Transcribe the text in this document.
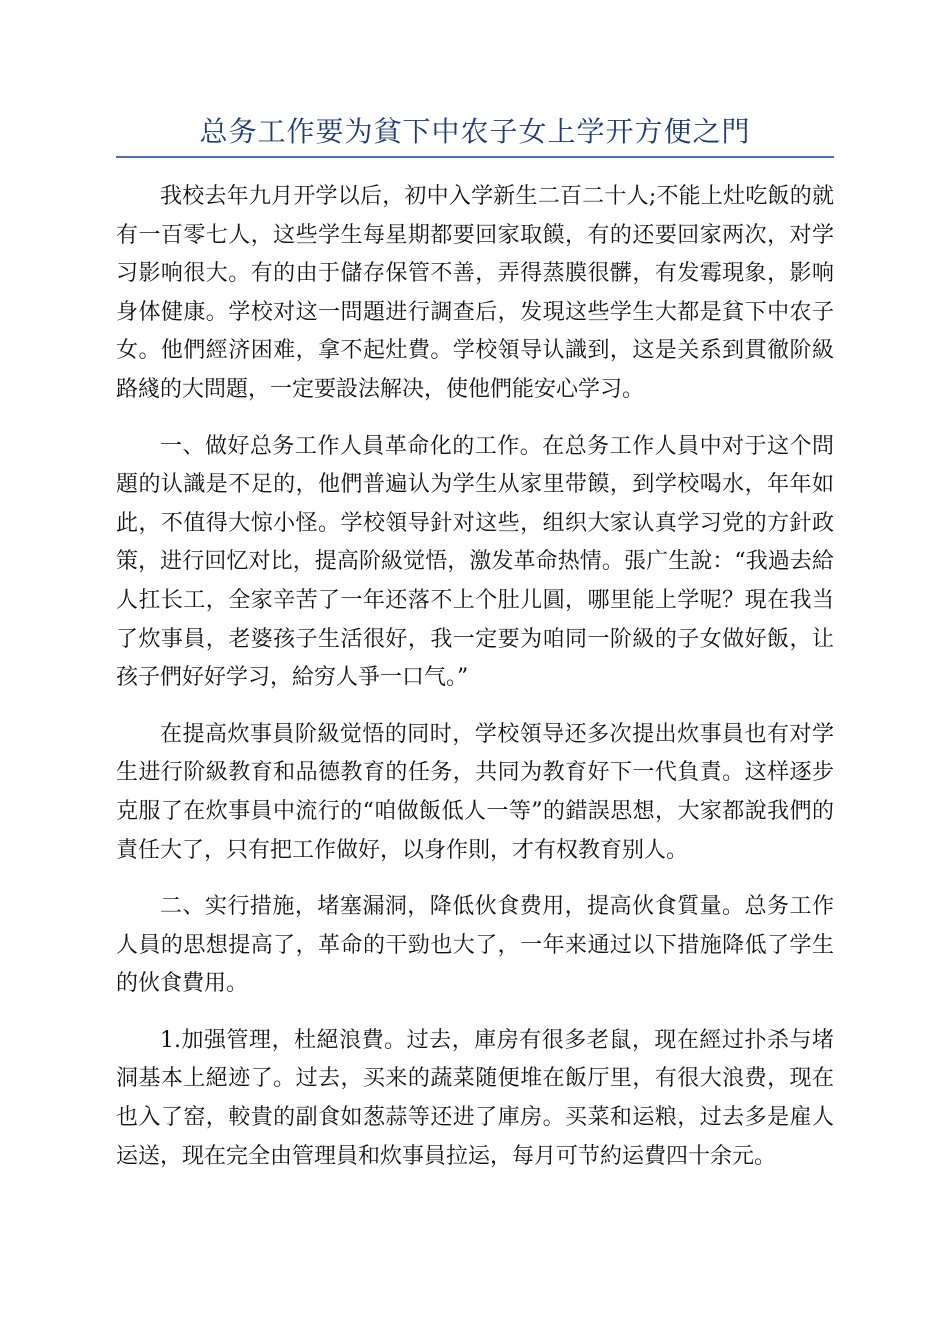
总务工作要为貧下中农子女上学开方便之門

我校去年九月开学以后，初中入学新生二百二十人;不能上灶吃飯的就有一百零七人，这些学生每星期都要回家取饃，有的还要回家两次，对学习影响很大。有的由于儲存保管不善，弄得蒸膜很髒，有发霉現象，影响身体健康。学校对这一問題进行調查后，发現这些学生大都是貧下中农子女。他們經济困难，拿不起灶費。学校領导认識到，这是关系到貫徹阶級路綫的大問題，一定要設法解决，使他們能安心学习。

一、做好总务工作人員革命化的工作。在总务工作人員中对于这个問題的认識是不足的，他們普遍认为学生从家里带饃，到学校喝水，年年如此，不值得大惊小怪。学校領导針对这些，组织大家认真学习党的方針政策，进行回忆对比，提高阶級觉悟，激发革命热情。張广生說：“我過去給人扛长工，全家辛苦了一年还落不上个肚儿圓，哪里能上学呢？現在我当了炊事員，老婆孩子生活很好，我一定要为咱同一阶級的子女做好飯，让孩子們好好学习，給穷人爭一口气。”

在提高炊事員阶級觉悟的同时，学校領导还多次提出炊事員也有对学生进行阶級教育和品德教育的任务，共同为教育好下一代負責。这样逐步克服了在炊事員中流行的“咱做飯低人一等”的錯誤思想，大家都說我們的責任大了，只有把工作做好，以身作則，才有权教育别人。

二、实行措施，堵塞漏洞，降低伙食费用，提高伙食質量。总务工作人員的思想提高了，革命的干勁也大了，一年来通过以下措施降低了学生的伙食費用。

1.加强管理，杜絕浪費。过去，庫房有很多老鼠，现在經过扑杀与堵洞基本上絕迹了。过去，买来的蔬菜随便堆在飯厅里，有很大浪费，现在也入了窑，較貴的副食如葱蒜等还进了庫房。买菜和运粮，过去多是雇人运送，现在完全由管理員和炊事員拉运，每月可节約运費四十余元。
